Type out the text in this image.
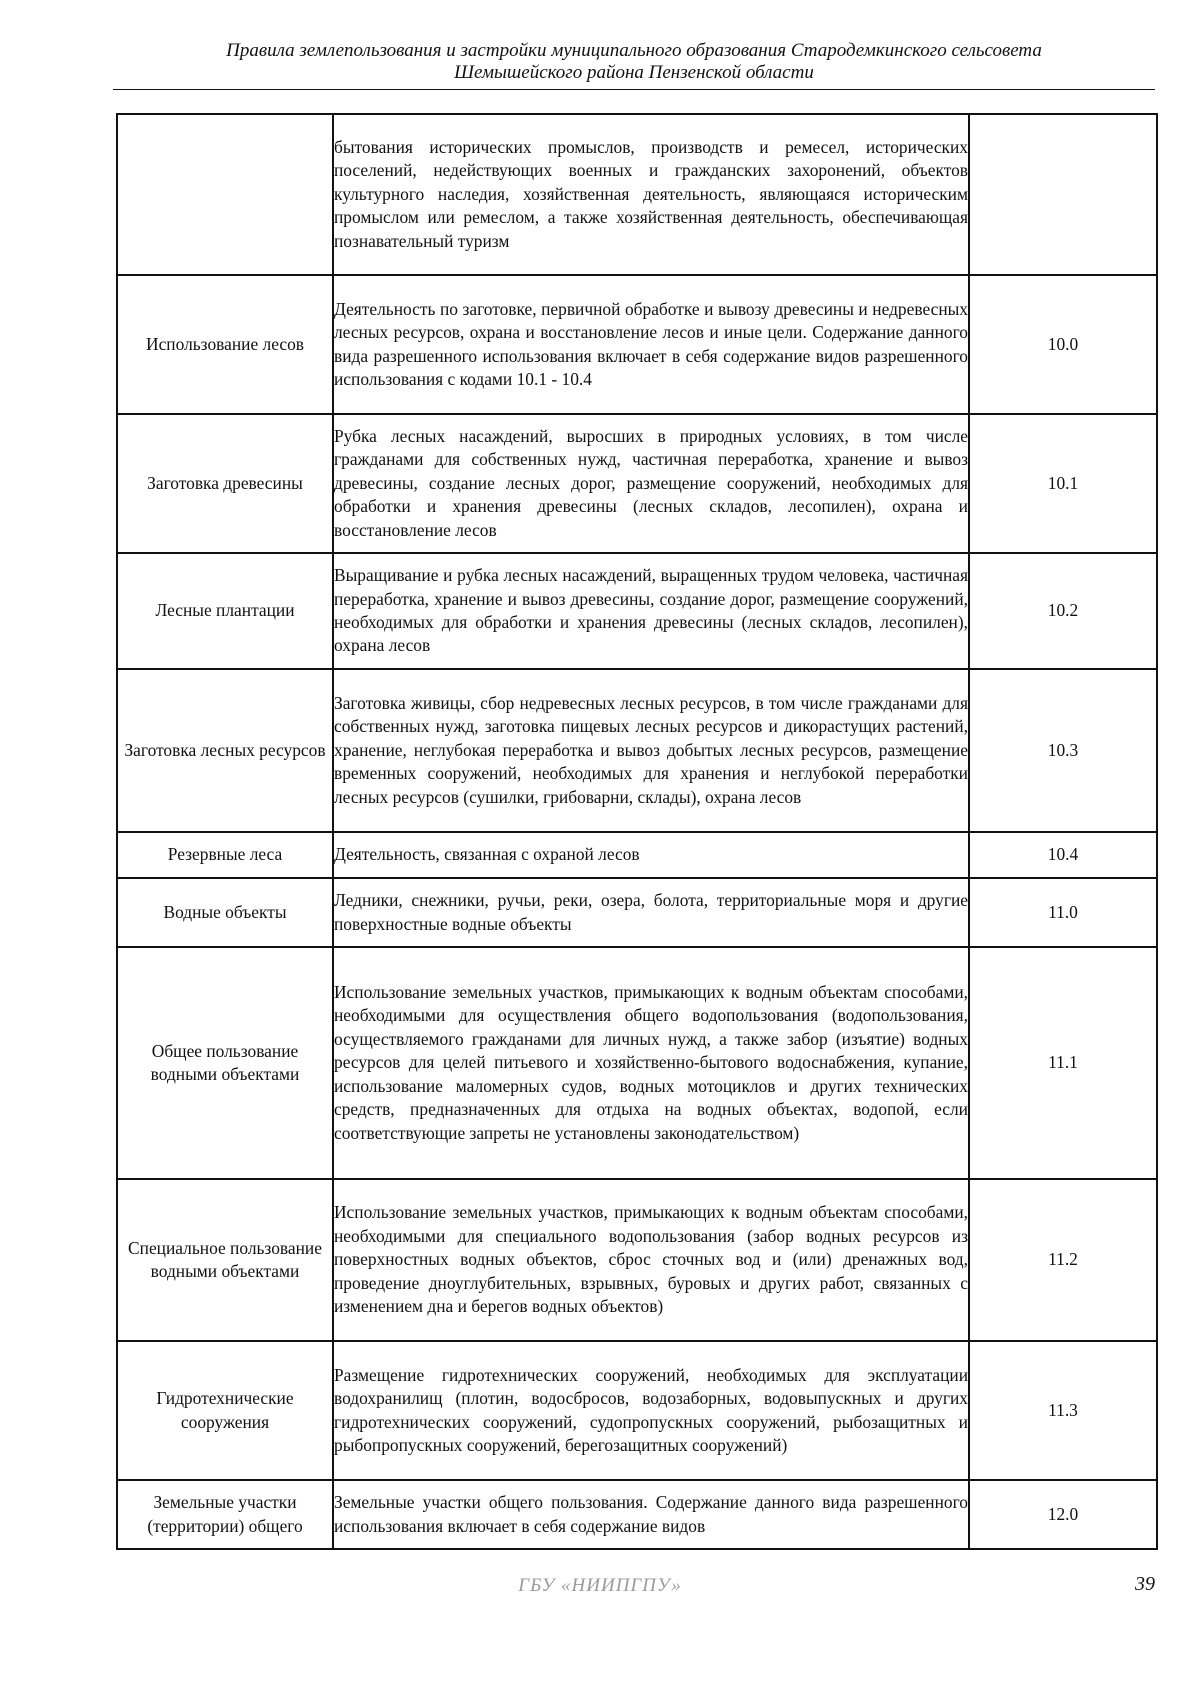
Правила землепользования и застройки муниципального образования Стародемкинского сельсовета
Шемышейского района Пензенской области
	бытования исторических промыслов, производств и ремесел, исторических поселений, недействующих военных и гражданских захоронений, объектов культурного наследия, хозяйственная деятельность, являющаяся историческим промыслом или ремеслом, а также хозяйственная деятельность, обеспечивающая познавательный туризм	
Использование лесов	Деятельность по заготовке, первичной обработке и вывозу древесины и недревесных лесных ресурсов, охрана и восстановление лесов и иные цели. Содержание данного вида разрешенного использования включает в себя содержание видов разрешенного использования с кодами 10.1 - 10.4	10.0
Заготовка древесины	Рубка лесных насаждений, выросших в природных условиях, в том числе гражданами для собственных нужд, частичная переработка, хранение и вывоз древесины, создание лесных дорог, размещение сооружений, необходимых для обработки и хранения древесины (лесных складов, лесопилен), охрана и восстановление лесов	10.1
Лесные плантации	Выращивание и рубка лесных насаждений, выращенных трудом человека, частичная переработка, хранение и вывоз древесины, создание дорог, размещение сооружений, необходимых для обработки и хранения древесины (лесных складов, лесопилен), охрана лесов	10.2
Заготовка лесных ресурсов	Заготовка живицы, сбор недревесных лесных ресурсов, в том числе гражданами для собственных нужд, заготовка пищевых лесных ресурсов и дикорастущих растений, хранение, неглубокая переработка и вывоз добытых лесных ресурсов, размещение временных сооружений, необходимых для хранения и неглубокой переработки лесных ресурсов (сушилки, грибоварни, склады), охрана лесов	10.3
Резервные леса	Деятельность, связанная с охраной лесов	10.4
Водные объекты	Ледники, снежники, ручьи, реки, озера, болота, территориальные моря и другие поверхностные водные объекты	11.0
Общее пользование водными объектами	Использование земельных участков, примыкающих к водным объектам способами, необходимыми для осуществления общего водопользования (водопользования, осуществляемого гражданами для личных нужд, а также забор (изъятие) водных ресурсов для целей питьевого и хозяйственно-бытового водоснабжения, купание, использование маломерных судов, водных мотоциклов и других технических средств, предназначенных для отдыха на водных объектах, водопой, если соответствующие запреты не установлены законодательством)	11.1
Специальное пользование водными объектами	Использование земельных участков, примыкающих к водным объектам способами, необходимыми для специального водопользования (забор водных ресурсов из поверхностных водных объектов, сброс сточных вод и (или) дренажных вод, проведение дноуглубительных, взрывных, буровых и других работ, связанных с изменением дна и берегов водных объектов)	11.2
Гидротехнические сооружения	Размещение гидротехнических сооружений, необходимых для эксплуатации водохранилищ (плотин, водосбросов, водозаборных, водовыпускных и других гидротехнических сооружений, судопропускных сооружений, рыбозащитных и рыбопропускных сооружений, берегозащитных сооружений)	11.3
Земельные участки (территории) общего	Земельные участки общего пользования. Содержание данного вида разрешенного использования включает в себя содержание видов	12.0
ГБУ «НИИПГПУ»	39
